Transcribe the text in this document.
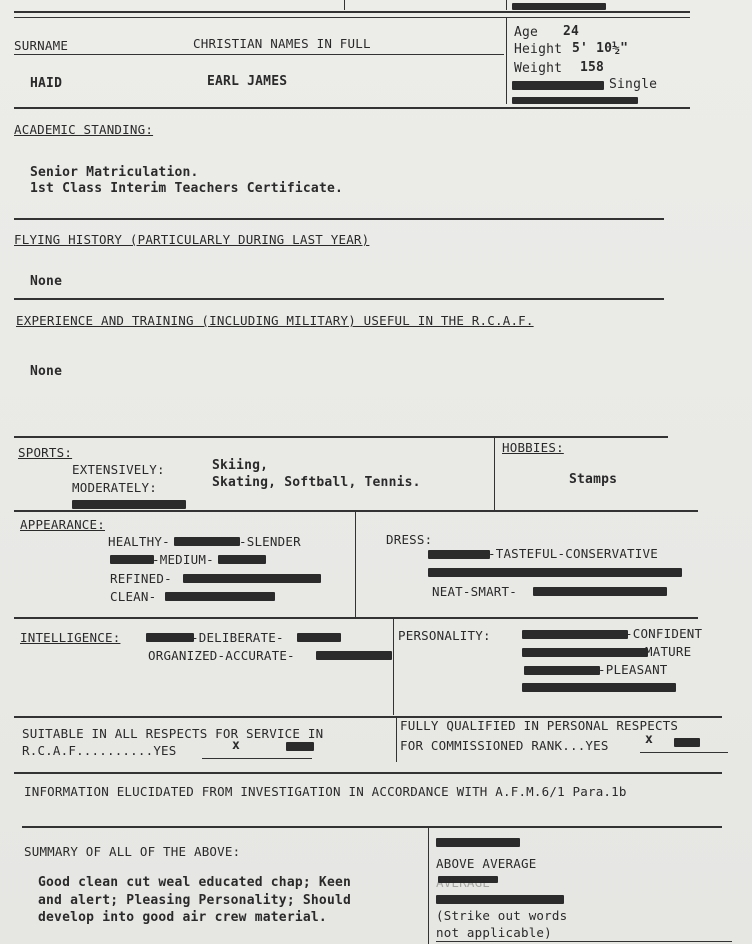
SURNAME	CHRISTIAN NAMES IN FULL
HAID	EARL JAMES
Age 24
Height 5' 10½"
Weight 158
Single
ACADEMIC STANDING:
Senior Matriculation.
1st Class Interim Teachers Certificate.
FLYING HISTORY (PARTICULARLY DURING LAST YEAR)
None
EXPERIENCE AND TRAINING (INCLUDING MILITARY) USEFUL IN THE R.C.A.F.
None
SPORTS:
EXTENSIVELY:	Skiing,
MODERATELY:	Skating, Softball, Tennis.
HOBBIES:
Stamps
APPEARANCE:
HEALTHY-	-SLENDER
-MEDIUM-
REFINED-
CLEAN-
DRESS:
-TASTEFUL-CONSERVATIVE
NEAT-SMART-
INTELLIGENCE:	-DELIBERATE-
ORGANIZED-ACCURATE-
PERSONALITY:	-CONFIDENT
MATURE
-PLEASANT
SUITABLE IN ALL RESPECTS FOR SERVICE IN
R.C.A.F..........YES	x
FULLY QUALIFIED IN PERSONAL RESPECTS
FOR COMMISSIONED RANK...YES	x
INFORMATION ELUCIDATED FROM INVESTIGATION IN ACCORDANCE WITH A.F.M.6/1 Para.1b
SUMMARY OF ALL OF THE ABOVE:
Good clean cut weal educated chap; Keen
and alert; Pleasing Personality; Should
develop into good air crew material.
ABOVE AVERAGE
AVERAGE
(Strike out words
not applicable)
